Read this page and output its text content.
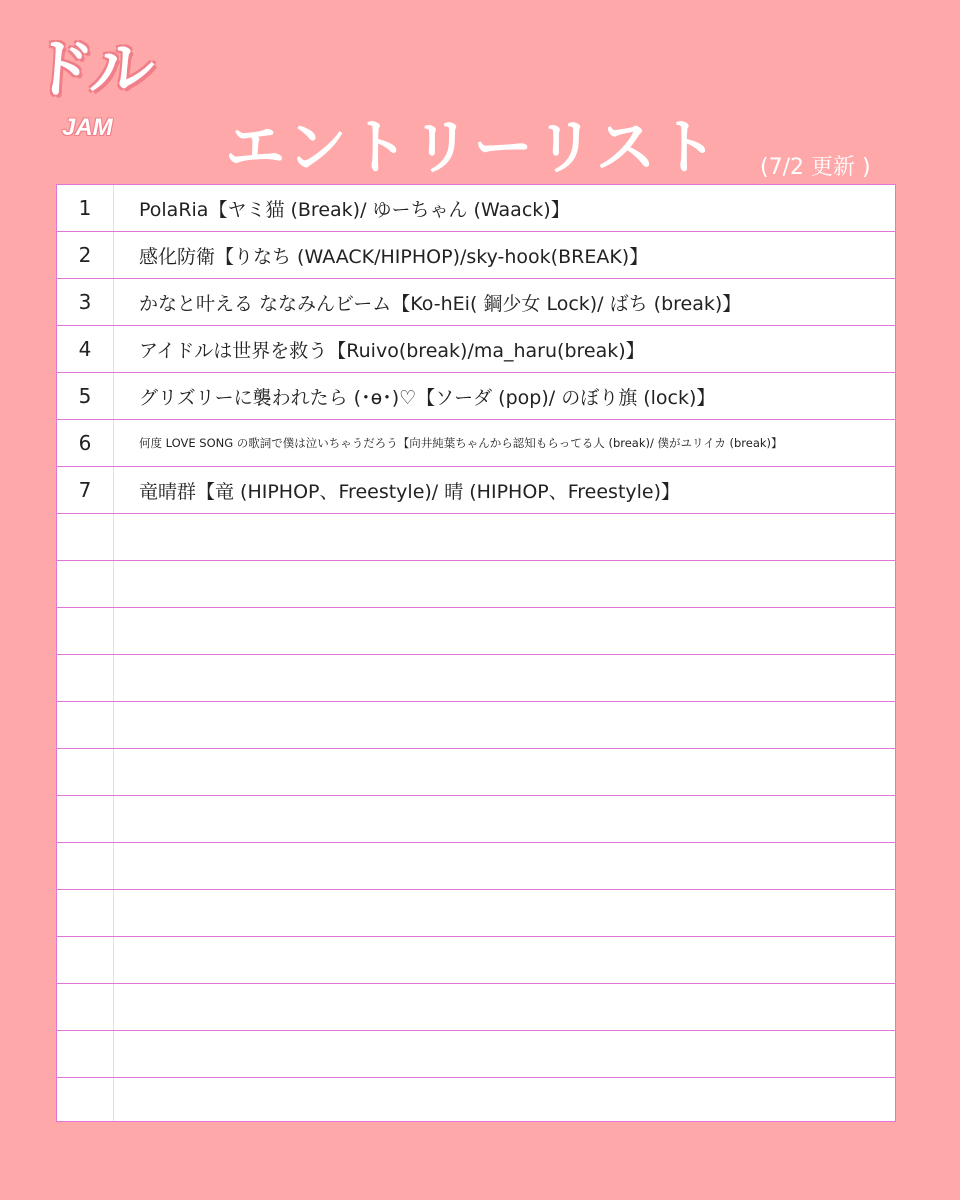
ドル
JAM エントリーリスト (7/2 更新 )
1	PolaRia【ヤミ猫 (Break)/ ゆーちゃん (Waack)】
2	感化防衛【りなち (WAACK/HIPHOP)/sky-hook(BREAK)】
3	かなと叶える ななみんビーム【Ko-hEi( 鋼少女 Lock)/ ばち (break)】
4	アイドルは世界を救う【Ruivo(break)/ma_haru(break)】
5	グリズリーに襲われたら (･ө･)♡【ソーダ (pop)/ のぼり旗 (lock)】
6	何度 LOVE SONG の歌詞で僕は泣いちゃうだろう【向井純葉ちゃんから認知もらってる人 (break)/ 僕がユリイカ (break)】
7	竜晴群【竜 (HIPHOP、Freestyle)/ 晴 (HIPHOP、Freestyle)】
